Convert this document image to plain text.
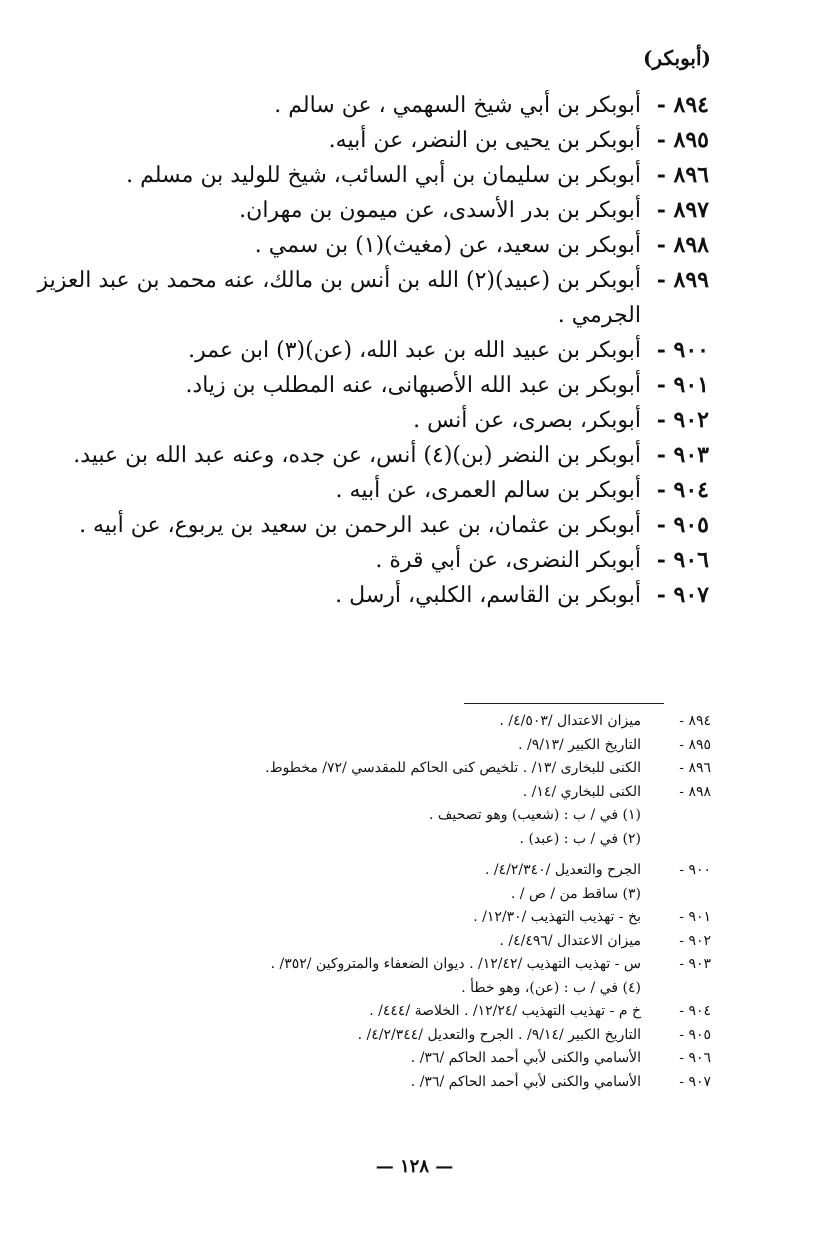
(أبوبكر)
٨٩٤ -
أبوبكر بن أبي شيخ السهمي ، عن سالم .
٨٩٥ -
أبوبكر بن يحيى بن النضر، عن أبيه.
٨٩٦ -
أبوبكر بن سليمان بن أبي السائب، شيخ للوليد بن مسلم .
٨٩٧ -
أبوبكر بن بدر الأسدى، عن ميمون بن مهران.
٨٩٨ -
أبوبكر بن سعيد، عن (مغيث)(١) بن سمي .
٨٩٩ -
أبوبكر بن (عبيد)(٢) الله بن أنس بن مالك، عنه محمد بن عبد العزيز الجرمي .
٩٠٠ -
أبوبكر بن عبيد الله بن عبد الله، (عن)(٣) ابن عمر.
٩٠١ -
أبوبكر بن عبد الله الأصبهانى، عنه المطلب بن زياد.
٩٠٢ -
أبوبكر، بصرى، عن أنس .
٩٠٣ -
أبوبكر بن النضر (بن)(٤) أنس، عن جده، وعنه عبد الله بن عبيد.
٩٠٤ -
أبوبكر بن سالم العمرى، عن أبيه .
٩٠٥ -
أبوبكر بن عثمان، بن عبد الرحمن بن سعيد بن يربوع، عن أبيه .
٩٠٦ -
أبوبكر النضرى، عن أبي قرة .
٩٠٧ -
أبوبكر بن القاسم، الكلبي، أرسل .
٨٩٤ -
ميزان الاعتدال /٤/٥٠٣/ .
٨٩٥ -
التاريخ الكبير /٩/١٣/ .
٨٩٦ -
الكنى للبخارى /١٣/ . تلخيص كنى الحاكم للمقدسي /٧٢/ مخطوط.
٨٩٨ -
الكنى للبخاري /١٤/ .
(١) في / ب : (شعيب) وهو تصحيف .
(٢) في / ب : (عبد) .
٩٠٠ -
الجرح والتعديل /٤/٢/٣٤٠/ .
(٣) ساقط من / ص / .
٩٠١ -
بخ - تهذيب التهذيب /١٢/٣٠/ .
٩٠٢ -
ميزان الاعتدال /٤/٤٩٦/ .
٩٠٣ -
س - تهذيب التهذيب /١٢/٤٢/ . ديوان الضعفاء والمتروكين /٣٥٢/ .
(٤) في / ب : (عن)، وهو خطأ .
٩٠٤ -
خ م - تهذيب التهذيب /١٢/٢٤/ . الخلاصة /٤٤٤/ .
٩٠٥ -
التاريخ الكبير /٩/١٤/ . الجرح والتعديل /٤/٢/٣٤٤/ .
٩٠٦ -
الأسامي والكنى لأبي أحمد الحاكم /٣٦/ .
٩٠٧ -
الأسامي والكنى لأبي أحمد الحاكم /٣٦/ .
— ١٢٨ —
